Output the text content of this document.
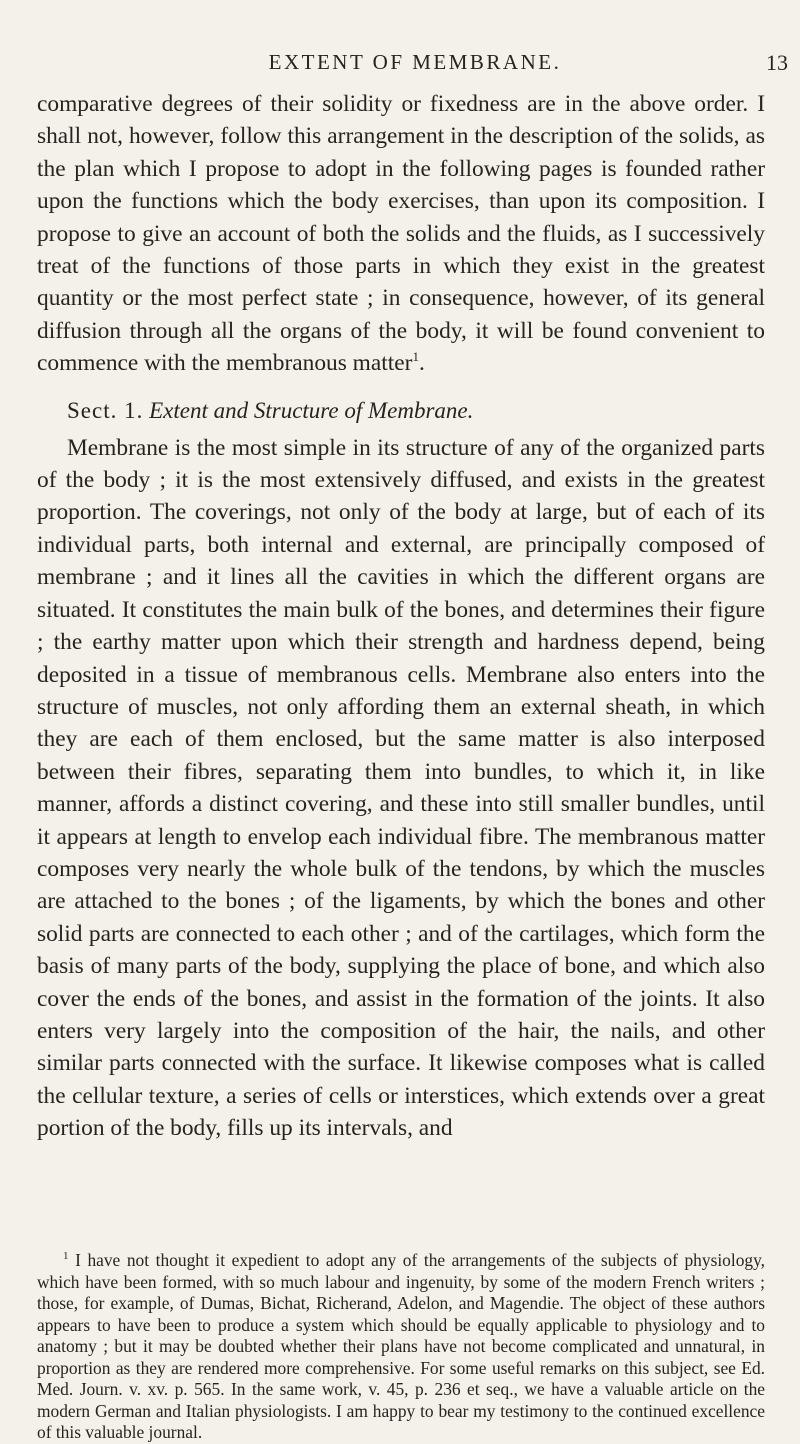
EXTENT OF MEMBRANE.	13

comparative degrees of their solidity or fixedness are in the above order. I shall not, however, follow this arrangement in the description of the solids, as the plan which I propose to adopt in the following pages is founded rather upon the functions which the body exercises, than upon its composition. I propose to give an account of both the solids and the fluids, as I successively treat of the functions of those parts in which they exist in the greatest quantity or the most perfect state ; in consequence, however, of its general diffusion through all the organs of the body, it will be found convenient to commence with the membranous matter$^1$.

Sect. 1. Extent and Structure of Membrane.

Membrane is the most simple in its structure of any of the organized parts of the body ; it is the most extensively diffused, and exists in the greatest proportion. The coverings, not only of the body at large, but of each of its individual parts, both internal and external, are principally composed of membrane ; and it lines all the cavities in which the different organs are situated. It constitutes the main bulk of the bones, and determines their figure ; the earthy matter upon which their strength and hardness depend, being deposited in a tissue of membranous cells. Membrane also enters into the structure of muscles, not only affording them an external sheath, in which they are each of them enclosed, but the same matter is also interposed between their fibres, separating them into bundles, to which it, in like manner, affords a distinct covering, and these into still smaller bundles, until it appears at length to envelop each individual fibre. The membranous matter composes very nearly the whole bulk of the tendons, by which the muscles are attached to the bones ; of the ligaments, by which the bones and other solid parts are connected to each other ; and of the cartilages, which form the basis of many parts of the body, supplying the place of bone, and which also cover the ends of the bones, and assist in the formation of the joints. It also enters very largely into the composition of the hair, the nails, and other similar parts connected with the surface. It likewise composes what is called the cellular texture, a series of cells or interstices, which extends over a great portion of the body, fills up its intervals, and

$^1$ I have not thought it expedient to adopt any of the arrangements of the subjects of physiology, which have been formed, with so much labour and ingenuity, by some of the modern French writers ; those, for example, of Dumas, Bichat, Richerand, Adelon, and Magendie. The object of these authors appears to have been to produce a system which should be equally applicable to physiology and to anatomy ; but it may be doubted whether their plans have not become complicated and unnatural, in proportion as they are rendered more comprehensive. For some useful remarks on this subject, see Ed. Med. Journ. v. xv. p. 565. In the same work, v. 45, p. 236 et seq., we have a valuable article on the modern German and Italian physiologists. I am happy to bear my testimony to the continued excellence of this valuable journal.
